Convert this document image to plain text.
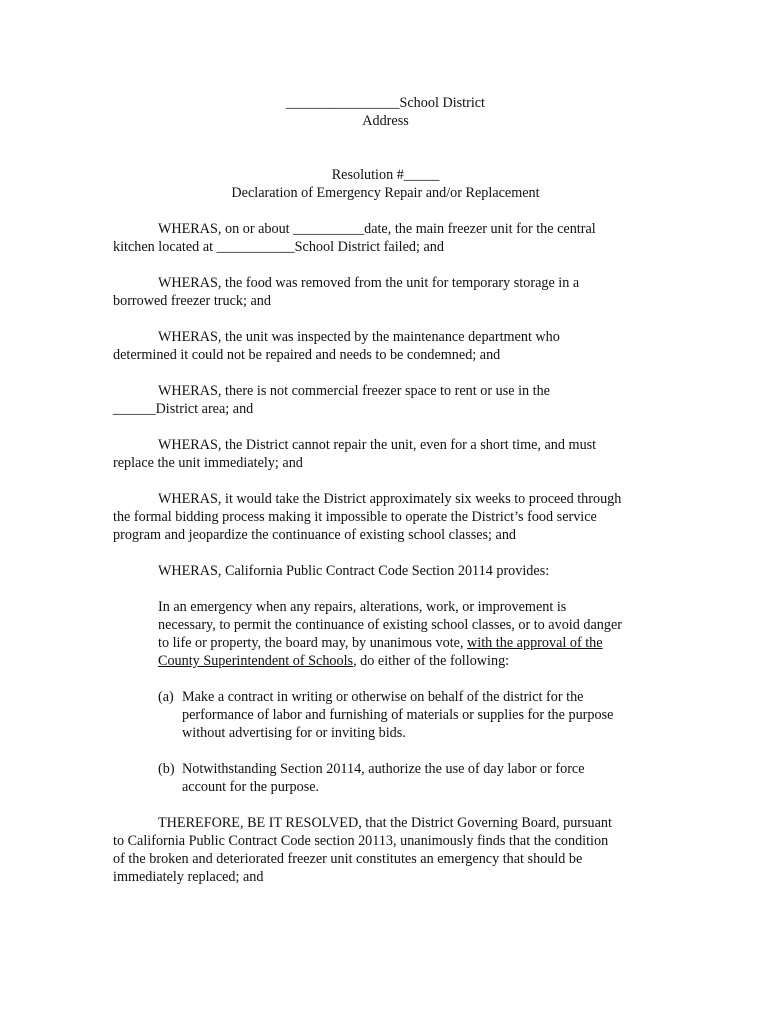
________________School District
Address
Resolution #_____
Declaration of Emergency Repair and/or Replacement
WHERAS, on or about __________date, the main freezer unit for the central
kitchen located at ___________School District failed; and
WHERAS, the food was removed from the unit for temporary storage in a
borrowed freezer truck; and
WHERAS, the unit was inspected by the maintenance department who
determined it could not be repaired and needs to be condemned; and
WHERAS, there is not commercial freezer space to rent or use in the
______District area; and
WHERAS, the District cannot repair the unit, even for a short time, and must
replace the unit immediately; and
WHERAS, it would take the District approximately six weeks to proceed through
the formal bidding process making it impossible to operate the District’s food service
program and jeopardize the continuance of existing school classes; and
WHERAS, California Public Contract Code Section 20114 provides:
In an emergency when any repairs, alterations, work, or improvement is
necessary, to permit the continuance of existing school classes, or to avoid danger
to life or property, the board may, by unanimous vote, with the approval of the
County Superintendent of Schools, do either of the following:
(a) Make a contract in writing or otherwise on behalf of the district for the
performance of labor and furnishing of materials or supplies for the purpose
without advertising for or inviting bids.
(b) Notwithstanding Section 20114, authorize the use of day labor or force
account for the purpose.
THEREFORE, BE IT RESOLVED, that the District Governing Board, pursuant
to California Public Contract Code section 20113, unanimously finds that the condition
of the broken and deteriorated freezer unit constitutes an emergency that should be
immediately replaced; and
